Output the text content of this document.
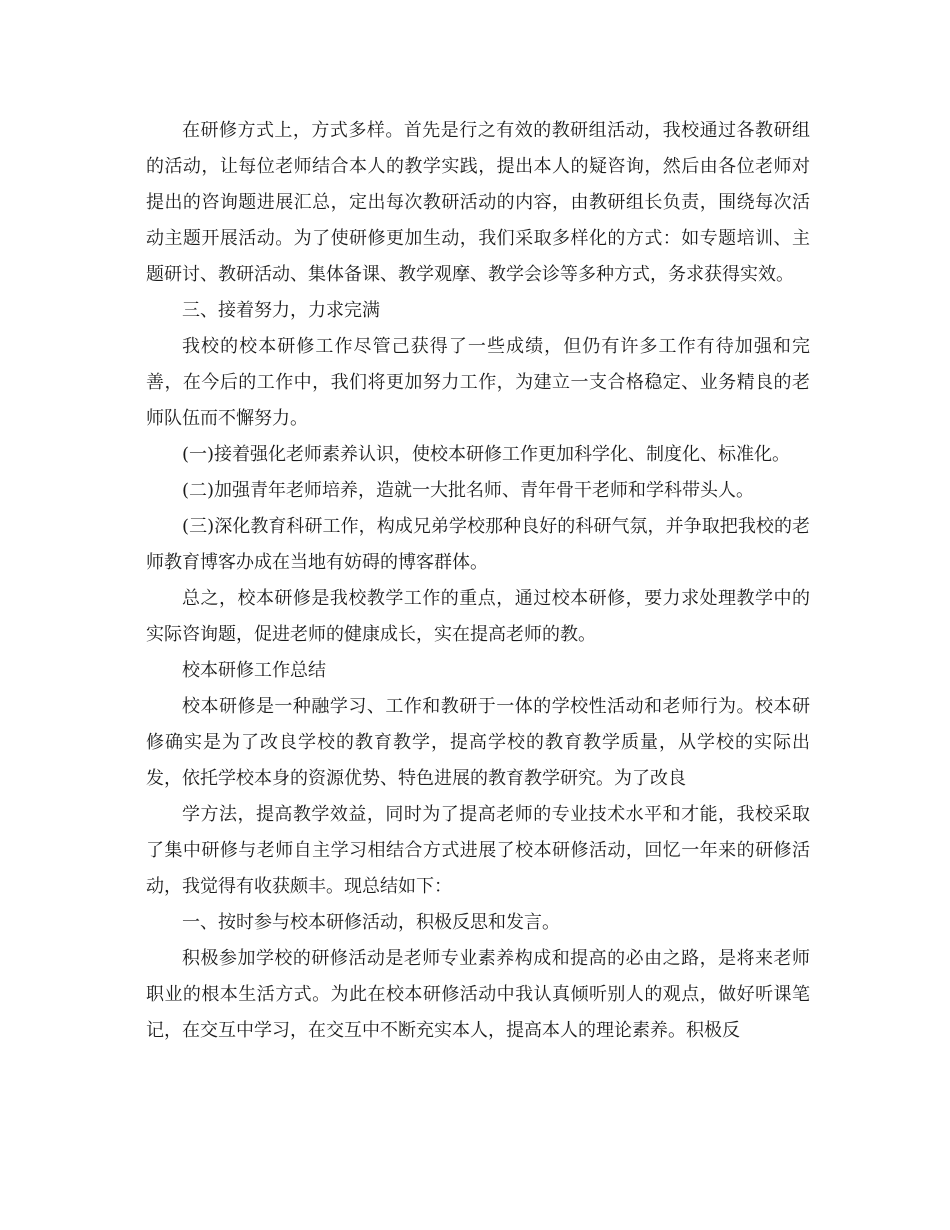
在研修方式上，方式多样。首先是行之有效的教研组活动，我校通过各教研组的活动，让每位老师结合本人的教学实践，提出本人的疑咨询，然后由各位老师对提出的咨询题进展汇总，定出每次教研活动的内容，由教研组长负责，围绕每次活动主题开展活动。为了使研修更加生动，我们采取多样化的方式：如专题培训、主题研讨、教研活动、集体备课、教学观摩、教学会诊等多种方式，务求获得实效。

三、接着努力，力求完满

我校的校本研修工作尽管己获得了一些成绩，但仍有许多工作有待加强和完善，在今后的工作中，我们将更加努力工作，为建立一支合格稳定、业务精良的老师队伍而不懈努力。

(一)接着强化老师素养认识，使校本研修工作更加科学化、制度化、标准化。

(二)加强青年老师培养，造就一大批名师、青年骨干老师和学科带头人。

(三)深化教育科研工作，构成兄弟学校那种良好的科研气氛，并争取把我校的老师教育博客办成在当地有妨碍的博客群体。

总之，校本研修是我校教学工作的重点，通过校本研修，要力求处理教学中的实际咨询题，促进老师的健康成长，实在提高老师的教。

校本研修工作总结

校本研修是一种融学习、工作和教研于一体的学校性活动和老师行为。校本研修确实是为了改良学校的教育教学，提高学校的教育教学质量，从学校的实际出发，依托学校本身的资源优势、特色进展的教育教学研究。为了改良

学方法，提高教学效益，同时为了提高老师的专业技术水平和才能，我校采取了集中研修与老师自主学习相结合方式进展了校本研修活动，回忆一年来的研修活动，我觉得有收获颇丰。现总结如下：

一、按时参与校本研修活动，积极反思和发言。

积极参加学校的研修活动是老师专业素养构成和提高的必由之路，是将来老师职业的根本生活方式。为此在校本研修活动中我认真倾听别人的观点，做好听课笔记，在交互中学习，在交互中不断充实本人，提高本人的理论素养。积极反
